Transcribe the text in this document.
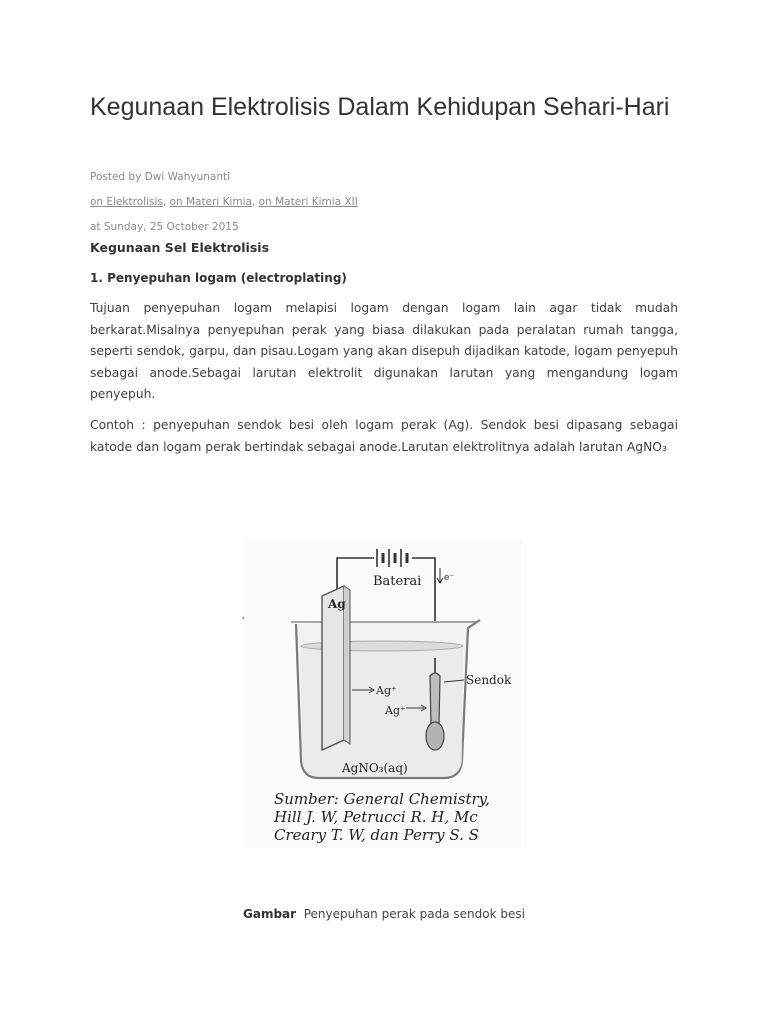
Kegunaan Elektrolisis Dalam Kehidupan Sehari-Hari
Posted by Dwi Wahyunanti
on Elektrolisis, on Materi Kimia, on Materi Kimia XII
at Sunday, 25 October 2015
Kegunaan Sel Elektrolisis
1. Penyepuhan logam (electroplating)

Tujuan penyepuhan logam melapisi logam dengan logam lain agar tidak mudah berkarat.Misalnya penyepuhan perak yang biasa dilakukan pada peralatan rumah tangga, seperti sendok, garpu, dan pisau.Logam yang akan disepuh dijadikan katode, logam penyepuh sebagai anode.Sebagai larutan elektrolit digunakan larutan yang mengandung logam penyepuh.

Contoh : penyepuhan sendok besi oleh logam perak (Ag). Sendok besi dipasang sebagai katode dan logam perak bertindak sebagai anode.Larutan elektrolitnya adalah larutan AgNO₃

Baterai	e⁻
Ag
Sendok
Ag⁺
Ag⁺
AgNO₃(aq)
Sumber: General Chemistry,
Hill J. W, Petrucci R. H, Mc
Creary T. W, dan Perry S. S
Gambar Penyepuhan perak pada sendok besi
